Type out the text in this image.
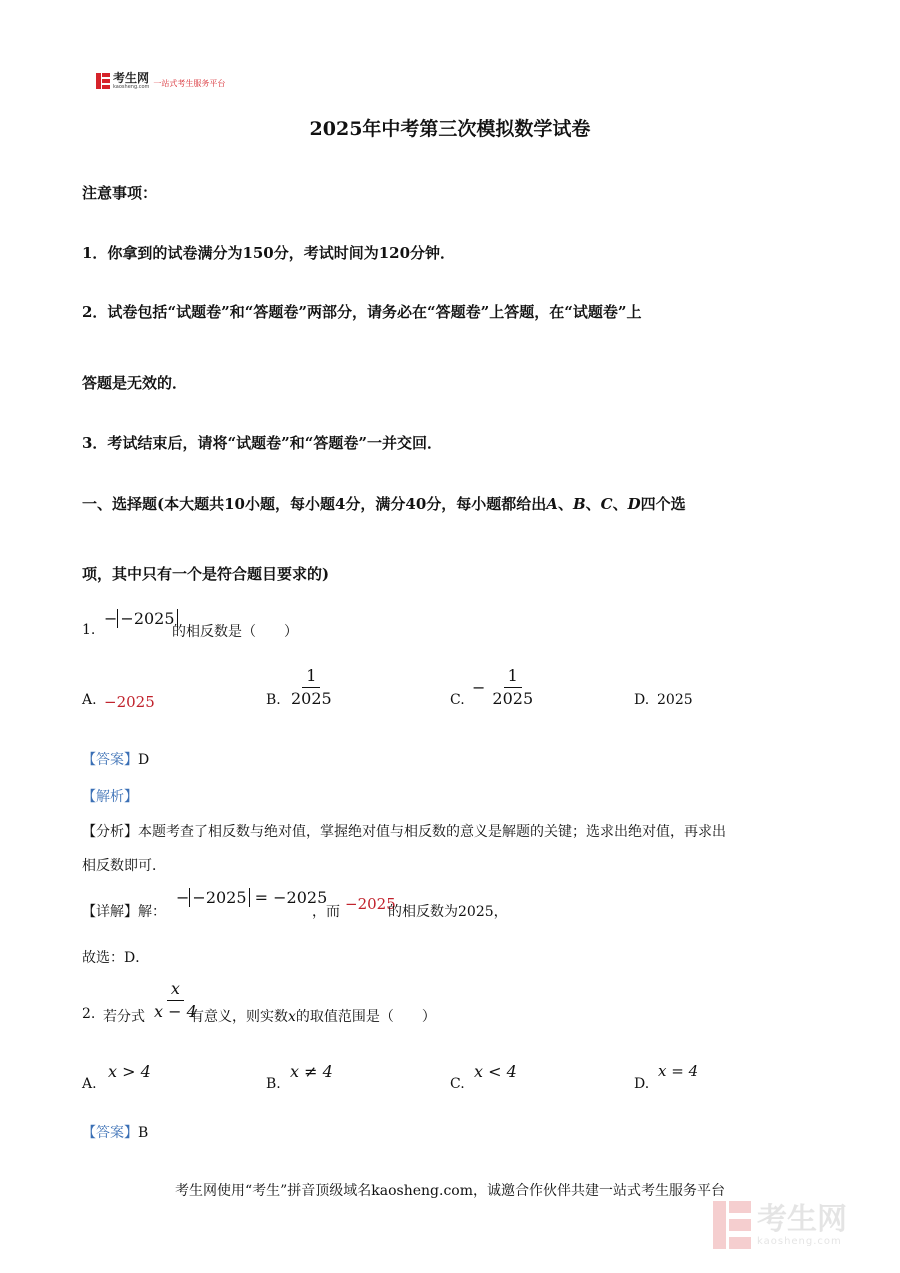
考生网
kaosheng.com 一站式考生服务平台
2025年中考第三次模拟数学试卷
注意事项：
1．你拿到的试卷满分为150分，考试时间为120分钟．
2．试卷包括“试题卷”和“答题卷”两部分，请务必在“答题卷”上答题，在“试题卷”上
答题是无效的．
3．考试结束后，请将“试题卷”和“答题卷”一并交回．
一、选择题(本大题共10小题，每小题4分，满分40分，每小题都给出A、B、C、D四个选
项，其中只有一个是符合题目要求的)
1.
− −2025
的相反数是（　　）
A. −2025	B. $\frac{1}{2025}$	C.
− $\frac{1}{2025}$	D. 2025
【答案】D
【解析】
【分析】本题考查了相反数与绝对值，掌握绝对值与相反数的意义是解题的关键；选求出绝对值，再求出
相反数即可．
【详解】解：
− −2025 = −2025
，而 −2025
的相反数为2025，
故选：D．
2. 若分式 $\frac{x}{x - 4}$
有意义，则实数x的取值范围是（　　）
A.
x > 4
B.
x ≠ 4
C.
x < 4
D.
x = 4
【答案】B
考生网使用“考生”拼音顶级域名kaosheng.com，诚邀合作伙伴共建一站式考生服务平台
考生网
kaosheng.com
